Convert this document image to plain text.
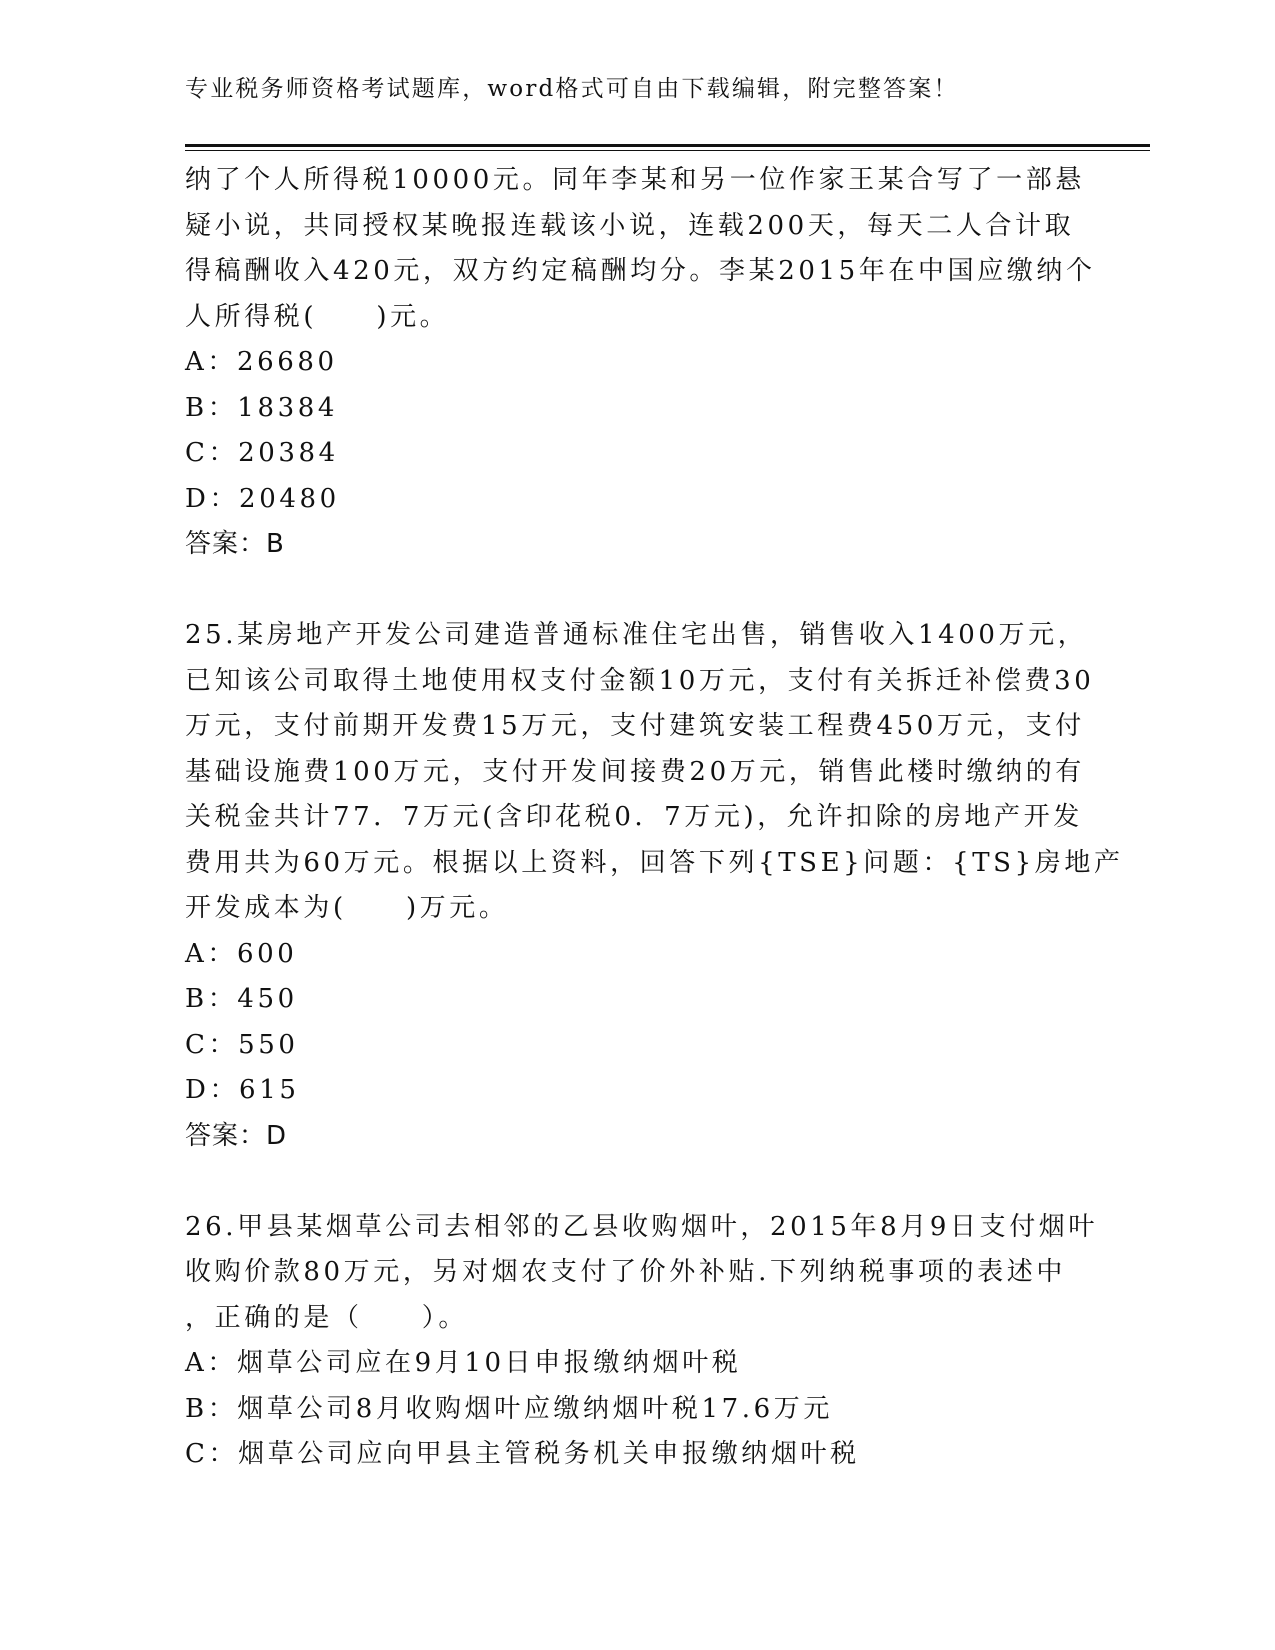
专业税务师资格考试题库，word格式可自由下载编辑，附完整答案！
纳了个人所得税10000元。同年李某和另一位作家王某合写了一部悬
疑小说，共同授权某晚报连载该小说，连载200天，每天二人合计取
得稿酬收入420元，双方约定稿酬均分。李某2015年在中国应缴纳个
人所得税(　　)元。
A：26680
B：18384
C：20384
D：20480
答案：B
25.某房地产开发公司建造普通标准住宅出售，销售收入1400万元，
已知该公司取得土地使用权支付金额10万元，支付有关拆迁补偿费30
万元，支付前期开发费15万元，支付建筑安装工程费450万元，支付
基础设施费100万元，支付开发间接费20万元，销售此楼时缴纳的有
关税金共计77．7万元(含印花税0．7万元)，允许扣除的房地产开发
费用共为60万元。根据以上资料，回答下列{TSE}问题：{TS}房地产
开发成本为(　　)万元。
A：600
B：450
C：550
D：615
答案：D
26.甲县某烟草公司去相邻的乙县收购烟叶，2015年8月9日支付烟叶
收购价款80万元，另对烟农支付了价外补贴.下列纳税事项的表述中
，正确的是（　　）。
A：烟草公司应在9月10日申报缴纳烟叶税
B：烟草公司8月收购烟叶应缴纳烟叶税17.6万元
C：烟草公司应向甲县主管税务机关申报缴纳烟叶税
